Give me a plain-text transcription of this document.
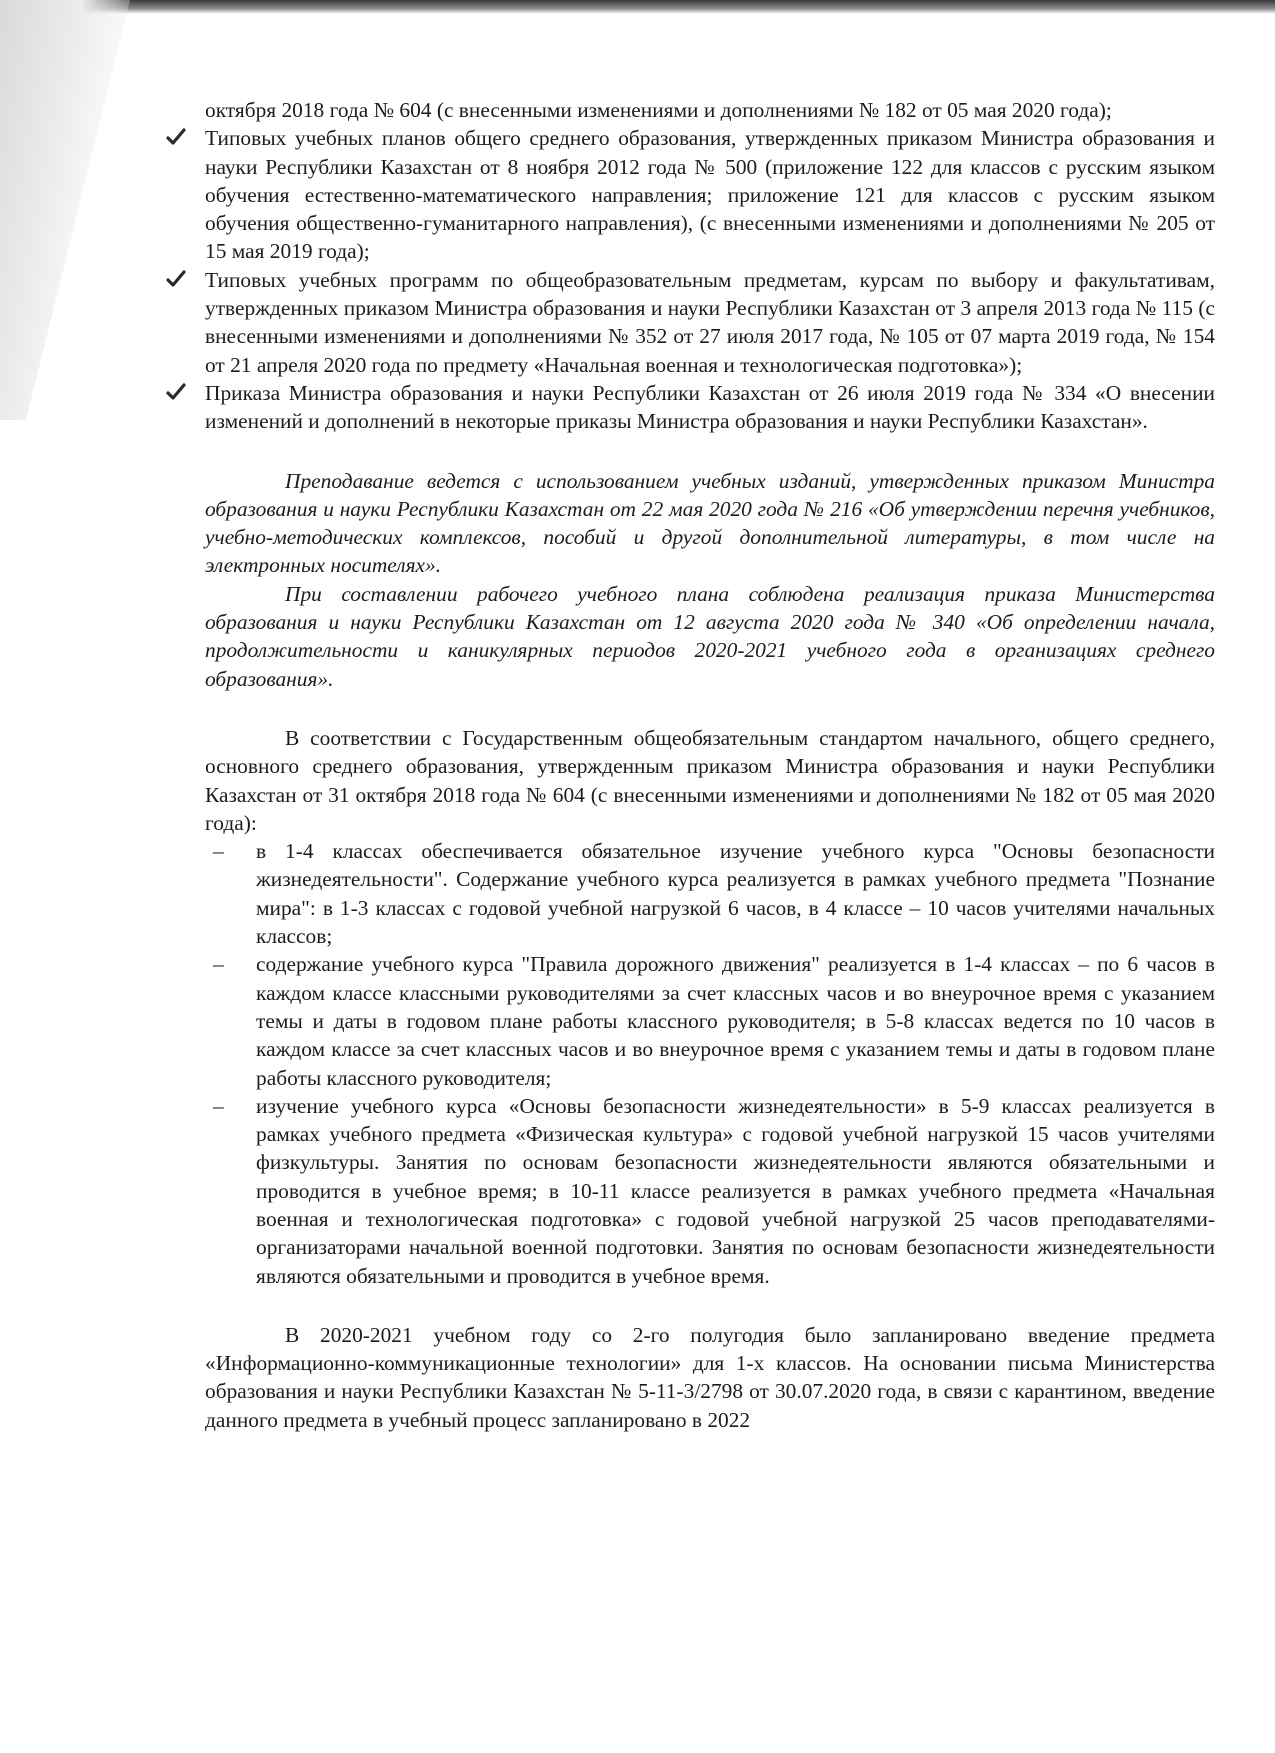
октября 2018 года № 604 (с внесенными изменениями и дополнениями № 182 от 05 мая 2020 года);

Типовых учебных планов общего среднего образования, утвержденных приказом Министра образования и науки Республики Казахстан от 8 ноября 2012 года № 500 (приложение 122 для классов с русским языком обучения естественно-математического направления; приложение 121 для классов с русским языком обучения общественно-гуманитарного направления), (с внесенными изменениями и дополнениями № 205 от 15 мая 2019 года);
Типовых учебных программ по общеобразовательным предметам, курсам по выбору и факультативам, утвержденных приказом Министра образования и науки Республики Казахстан от 3 апреля 2013 года № 115 (с внесенными изменениями и дополнениями № 352 от 27 июля 2017 года, № 105 от 07 марта 2019 года, № 154 от 21 апреля 2020 года по предмету «Начальная военная и технологическая подготовка»);
Приказа Министра образования и науки Республики Казахстан от 26 июля 2019 года № 334 «О внесении изменений и дополнений в некоторые приказы Министра образования и науки Республики Казахстан».

Преподавание ведется с использованием учебных изданий, утвержденных приказом Министра образования и науки Республики Казахстан от 22 мая 2020 года № 216 «Об утверждении перечня учебников, учебно-методических комплексов, пособий и другой дополнительной литературы, в том числе на электронных носителях».

При составлении рабочего учебного плана соблюдена реализация приказа Министерства образования и науки Республики Казахстан от 12 августа 2020 года № 340 «Об определении начала, продолжительности и каникулярных периодов 2020-2021 учебного года в организациях среднего образования».

В соответствии с Государственным общеобязательным стандартом начального, общего среднего, основного среднего образования, утвержденным приказом Министра образования и науки Республики Казахстан от 31 октября 2018 года № 604 (с внесенными изменениями и дополнениями № 182 от 05 мая 2020 года):

– в 1-4 классах обеспечивается обязательное изучение учебного курса "Основы безопасности жизнедеятельности". Содержание учебного курса реализуется в рамках учебного предмета "Познание мира": в 1-3 классах с годовой учебной нагрузкой 6 часов, в 4 классе – 10 часов учителями начальных классов;
– содержание учебного курса "Правила дорожного движения" реализуется в 1-4 классах – по 6 часов в каждом классе классными руководителями за счет классных часов и во внеурочное время с указанием темы и даты в годовом плане работы классного руководителя; в 5-8 классах ведется по 10 часов в каждом классе за счет классных часов и во внеурочное время с указанием темы и даты в годовом плане работы классного руководителя;
– изучение учебного курса «Основы безопасности жизнедеятельности» в 5-9 классах реализуется в рамках учебного предмета «Физическая культура» с годовой учебной нагрузкой 15 часов учителями физкультуры. Занятия по основам безопасности жизнедеятельности являются обязательными и проводится в учебное время; в 10-11 классе реализуется в рамках учебного предмета «Начальная военная и технологическая подготовка» с годовой учебной нагрузкой 25 часов преподавателями-организаторами начальной военной подготовки. Занятия по основам безопасности жизнедеятельности являются обязательными и проводится в учебное время.

В 2020-2021 учебном году со 2-го полугодия было запланировано введение предмета «Информационно-коммуникационные технологии» для 1-х классов. На основании письма Министерства образования и науки Республики Казахстан № 5-11-3/2798 от 30.07.2020 года, в связи с карантином, введение данного предмета в учебный процесс запланировано в 2022
